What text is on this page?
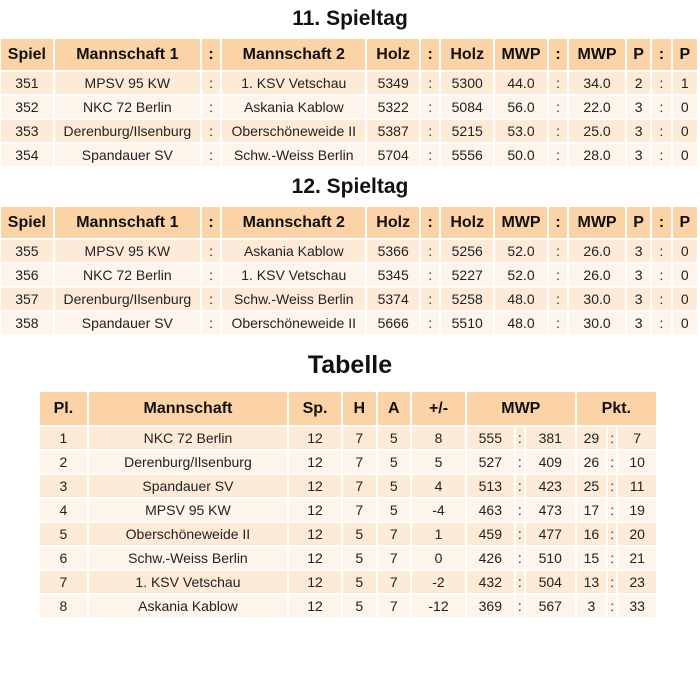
11. Spieltag
Spiel	Mannschaft 1	:	Mannschaft 2	Holz	:	Holz	MWP	:	MWP	P	:	P
351	MPSV 95 KW	:	1. KSV Vetschau	5349	:	5300	44.0	:	34.0	2	:	1
352	NKC 72 Berlin	:	Askania Kablow	5322	:	5084	56.0	:	22.0	3	:	0
353	Derenburg/Ilsenburg	:	Oberschöneweide II	5387	:	5215	53.0	:	25.0	3	:	0
354	Spandauer SV	:	Schw.-Weiss Berlin	5704	:	5556	50.0	:	28.0	3	:	0
12. Spieltag
Spiel	Mannschaft 1	:	Mannschaft 2	Holz	:	Holz	MWP	:	MWP	P	:	P
355	MPSV 95 KW	:	Askania Kablow	5366	:	5256	52.0	:	26.0	3	:	0
356	NKC 72 Berlin	:	1. KSV Vetschau	5345	:	5227	52.0	:	26.0	3	:	0
357	Derenburg/Ilsenburg	:	Schw.-Weiss Berlin	5374	:	5258	48.0	:	30.0	3	:	0
358	Spandauer SV	:	Oberschöneweide II	5666	:	5510	48.0	:	30.0	3	:	0
Tabelle
Pl.	Mannschaft	Sp.	H	A	+/-	MWP			Pkt.		
1	NKC 72 Berlin	12	7	5	8	555	:	381	29	:	7
2	Derenburg/Ilsenburg	12	7	5	5	527	:	409	26	:	10
3	Spandauer SV	12	7	5	4	513	:	423	25	:	11
4	MPSV 95 KW	12	7	5	-4	463	:	473	17	:	19
5	Oberschöneweide II	12	5	7	1	459	:	477	16	:	20
6	Schw.-Weiss Berlin	12	5	7	0	426	:	510	15	:	21
7	1. KSV Vetschau	12	5	7	-2	432	:	504	13	:	23
8	Askania Kablow	12	5	7	-12	369	:	567	3	:	33
